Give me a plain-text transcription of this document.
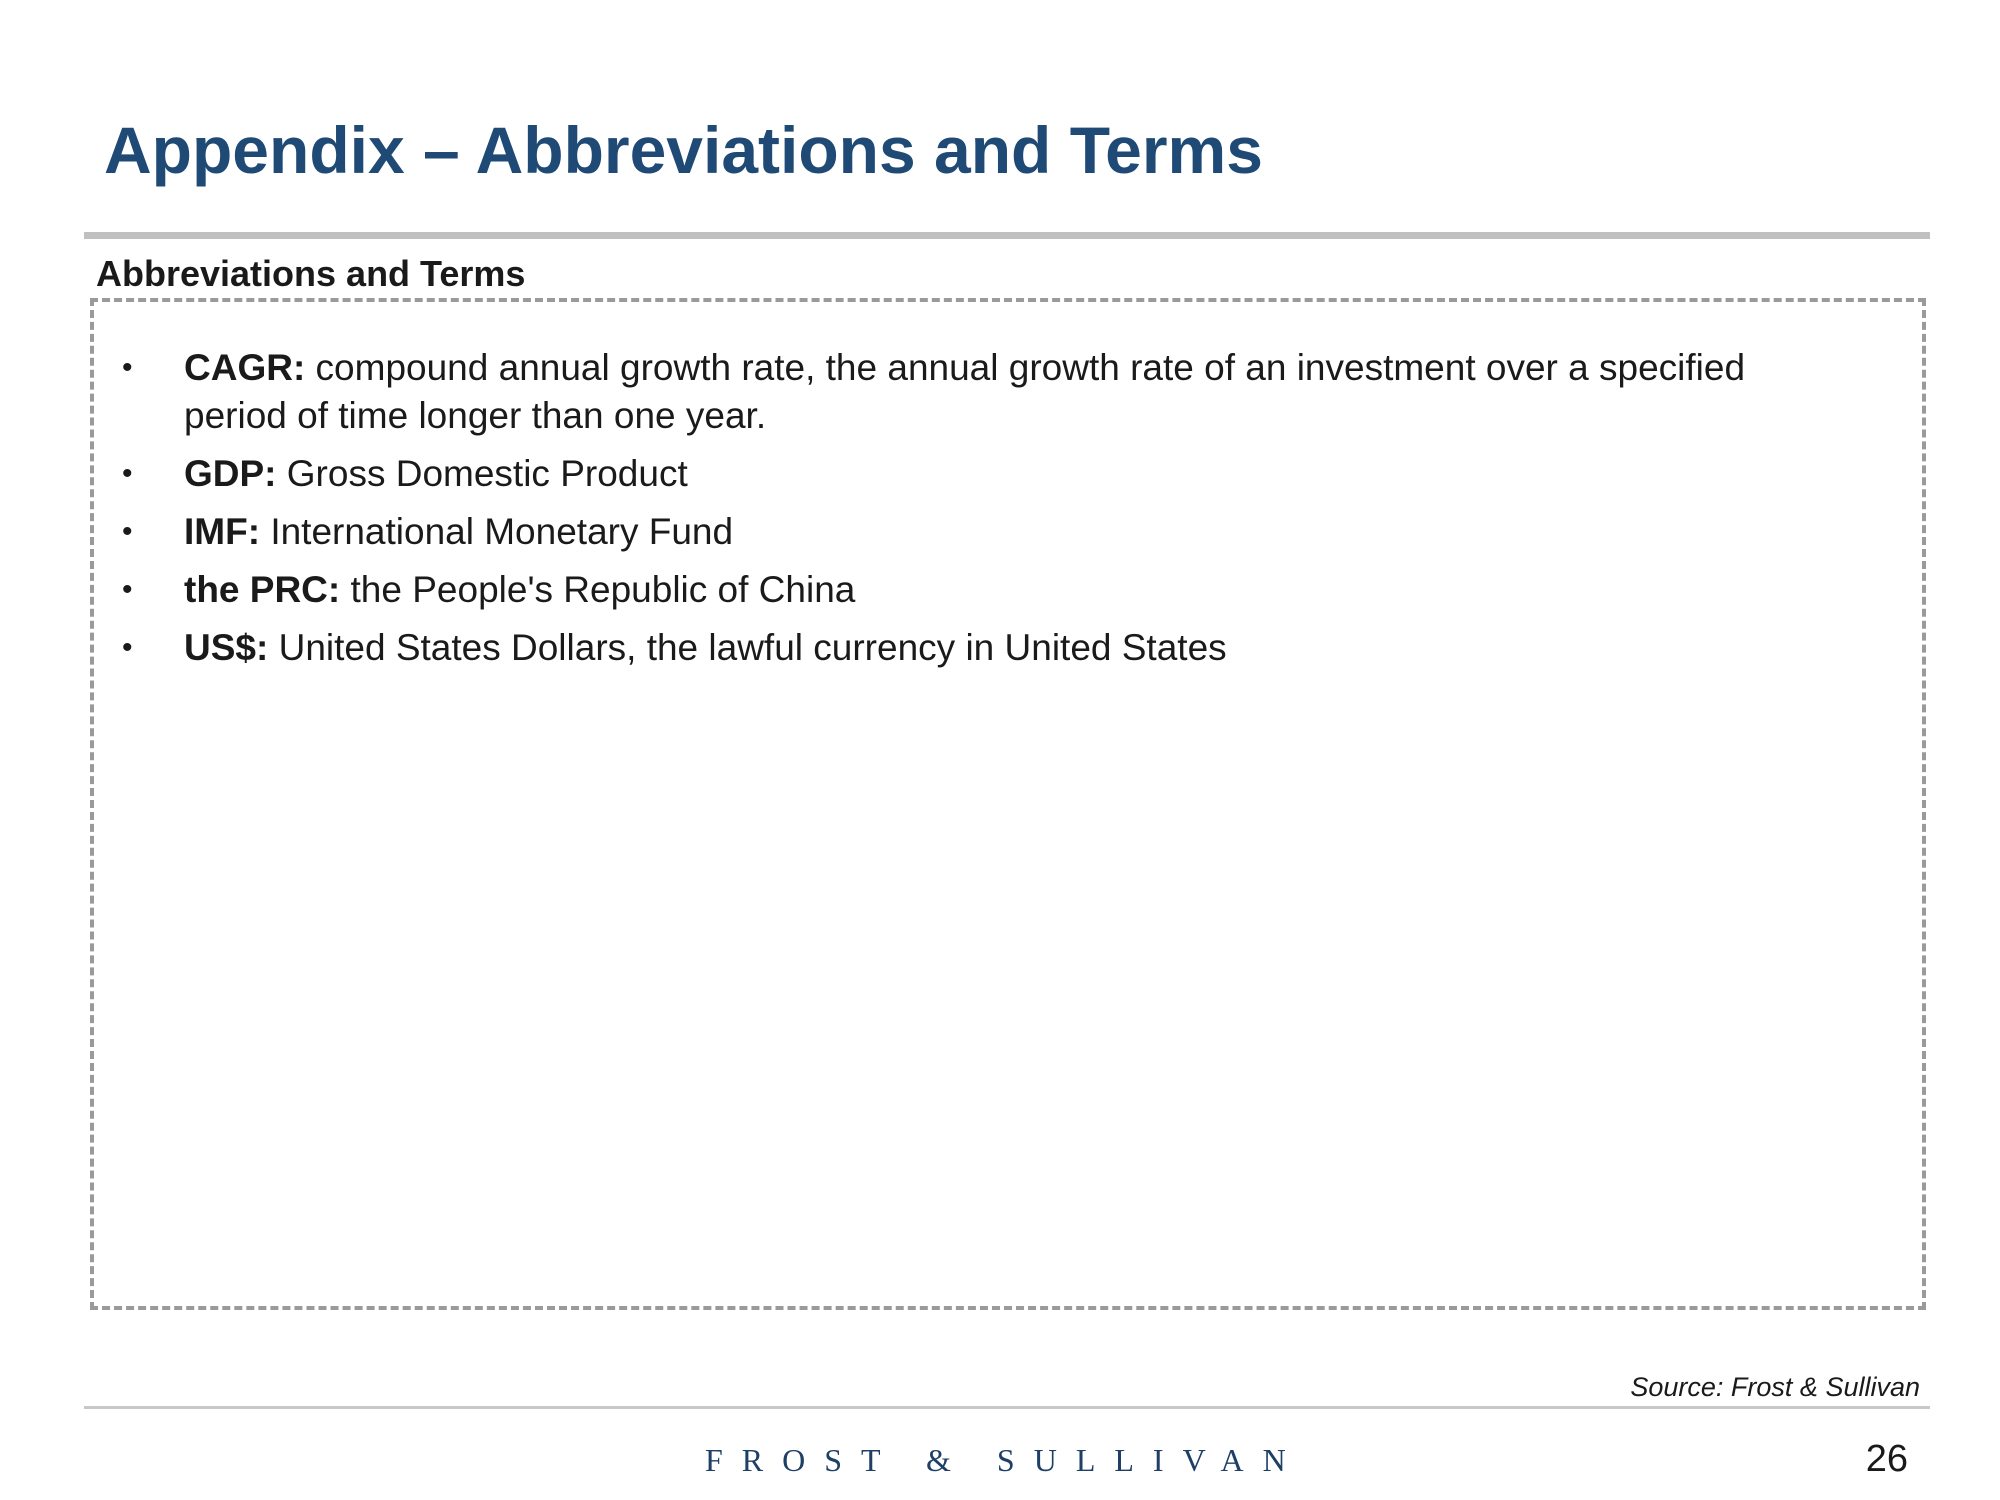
Appendix – Abbreviations and Terms
Abbreviations and Terms
• CAGR: compound annual growth rate, the annual growth rate of an investment over a specified period of time longer than one year.
• GDP: Gross Domestic Product
• IMF: International Monetary Fund
• the PRC: the People's Republic of China
• US$: United States Dollars, the lawful currency in United States
Source: Frost & Sullivan
FROST & SULLIVAN	26
